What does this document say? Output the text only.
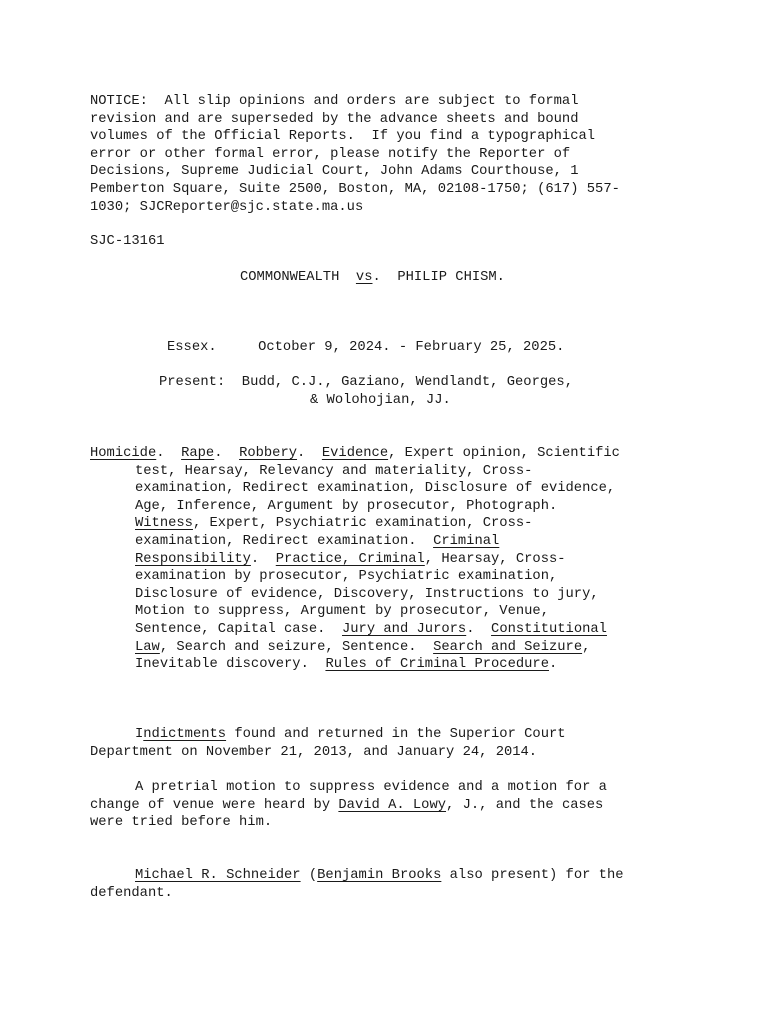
NOTICE:  All slip opinions and orders are subject to formal
revision and are superseded by the advance sheets and bound
volumes of the Official Reports.  If you find a typographical
error or other formal error, please notify the Reporter of
Decisions, Supreme Judicial Court, John Adams Courthouse, 1
Pemberton Square, Suite 2500, Boston, MA, 02108-1750; (617) 557-
1030; SJCReporter@sjc.state.ma.us
SJC-13161
COMMONWEALTH vs.  PHILIP CHISM.
Essex.     October 9, 2024. - February 25, 2025.
Present:  Budd, C.J., Gaziano, Wendlandt, Georges,
& Wolohojian, JJ.
Homicide.  Rape.  Robbery.  Evidence, Expert opinion, Scientific
test, Hearsay, Relevancy and materiality, Cross-
examination, Redirect examination, Disclosure of evidence,
Age, Inference, Argument by prosecutor, Photograph.
Witness, Expert, Psychiatric examination, Cross-
examination, Redirect examination.  Criminal
Responsibility.  Practice, Criminal, Hearsay, Cross-
examination by prosecutor, Psychiatric examination,
Disclosure of evidence, Discovery, Instructions to jury,
Motion to suppress, Argument by prosecutor, Venue,
Sentence, Capital case.  Jury and Jurors.  Constitutional
Law, Search and seizure, Sentence.  Search and Seizure,
Inevitable discovery.  Rules of Criminal Procedure.
Indictments found and returned in the Superior Court
Department on November 21, 2013, and January 24, 2014.
A pretrial motion to suppress evidence and a motion for a
change of venue were heard by David A. Lowy, J., and the cases
were tried before him.
Michael R. Schneider (Benjamin Brooks also present) for the
defendant.
